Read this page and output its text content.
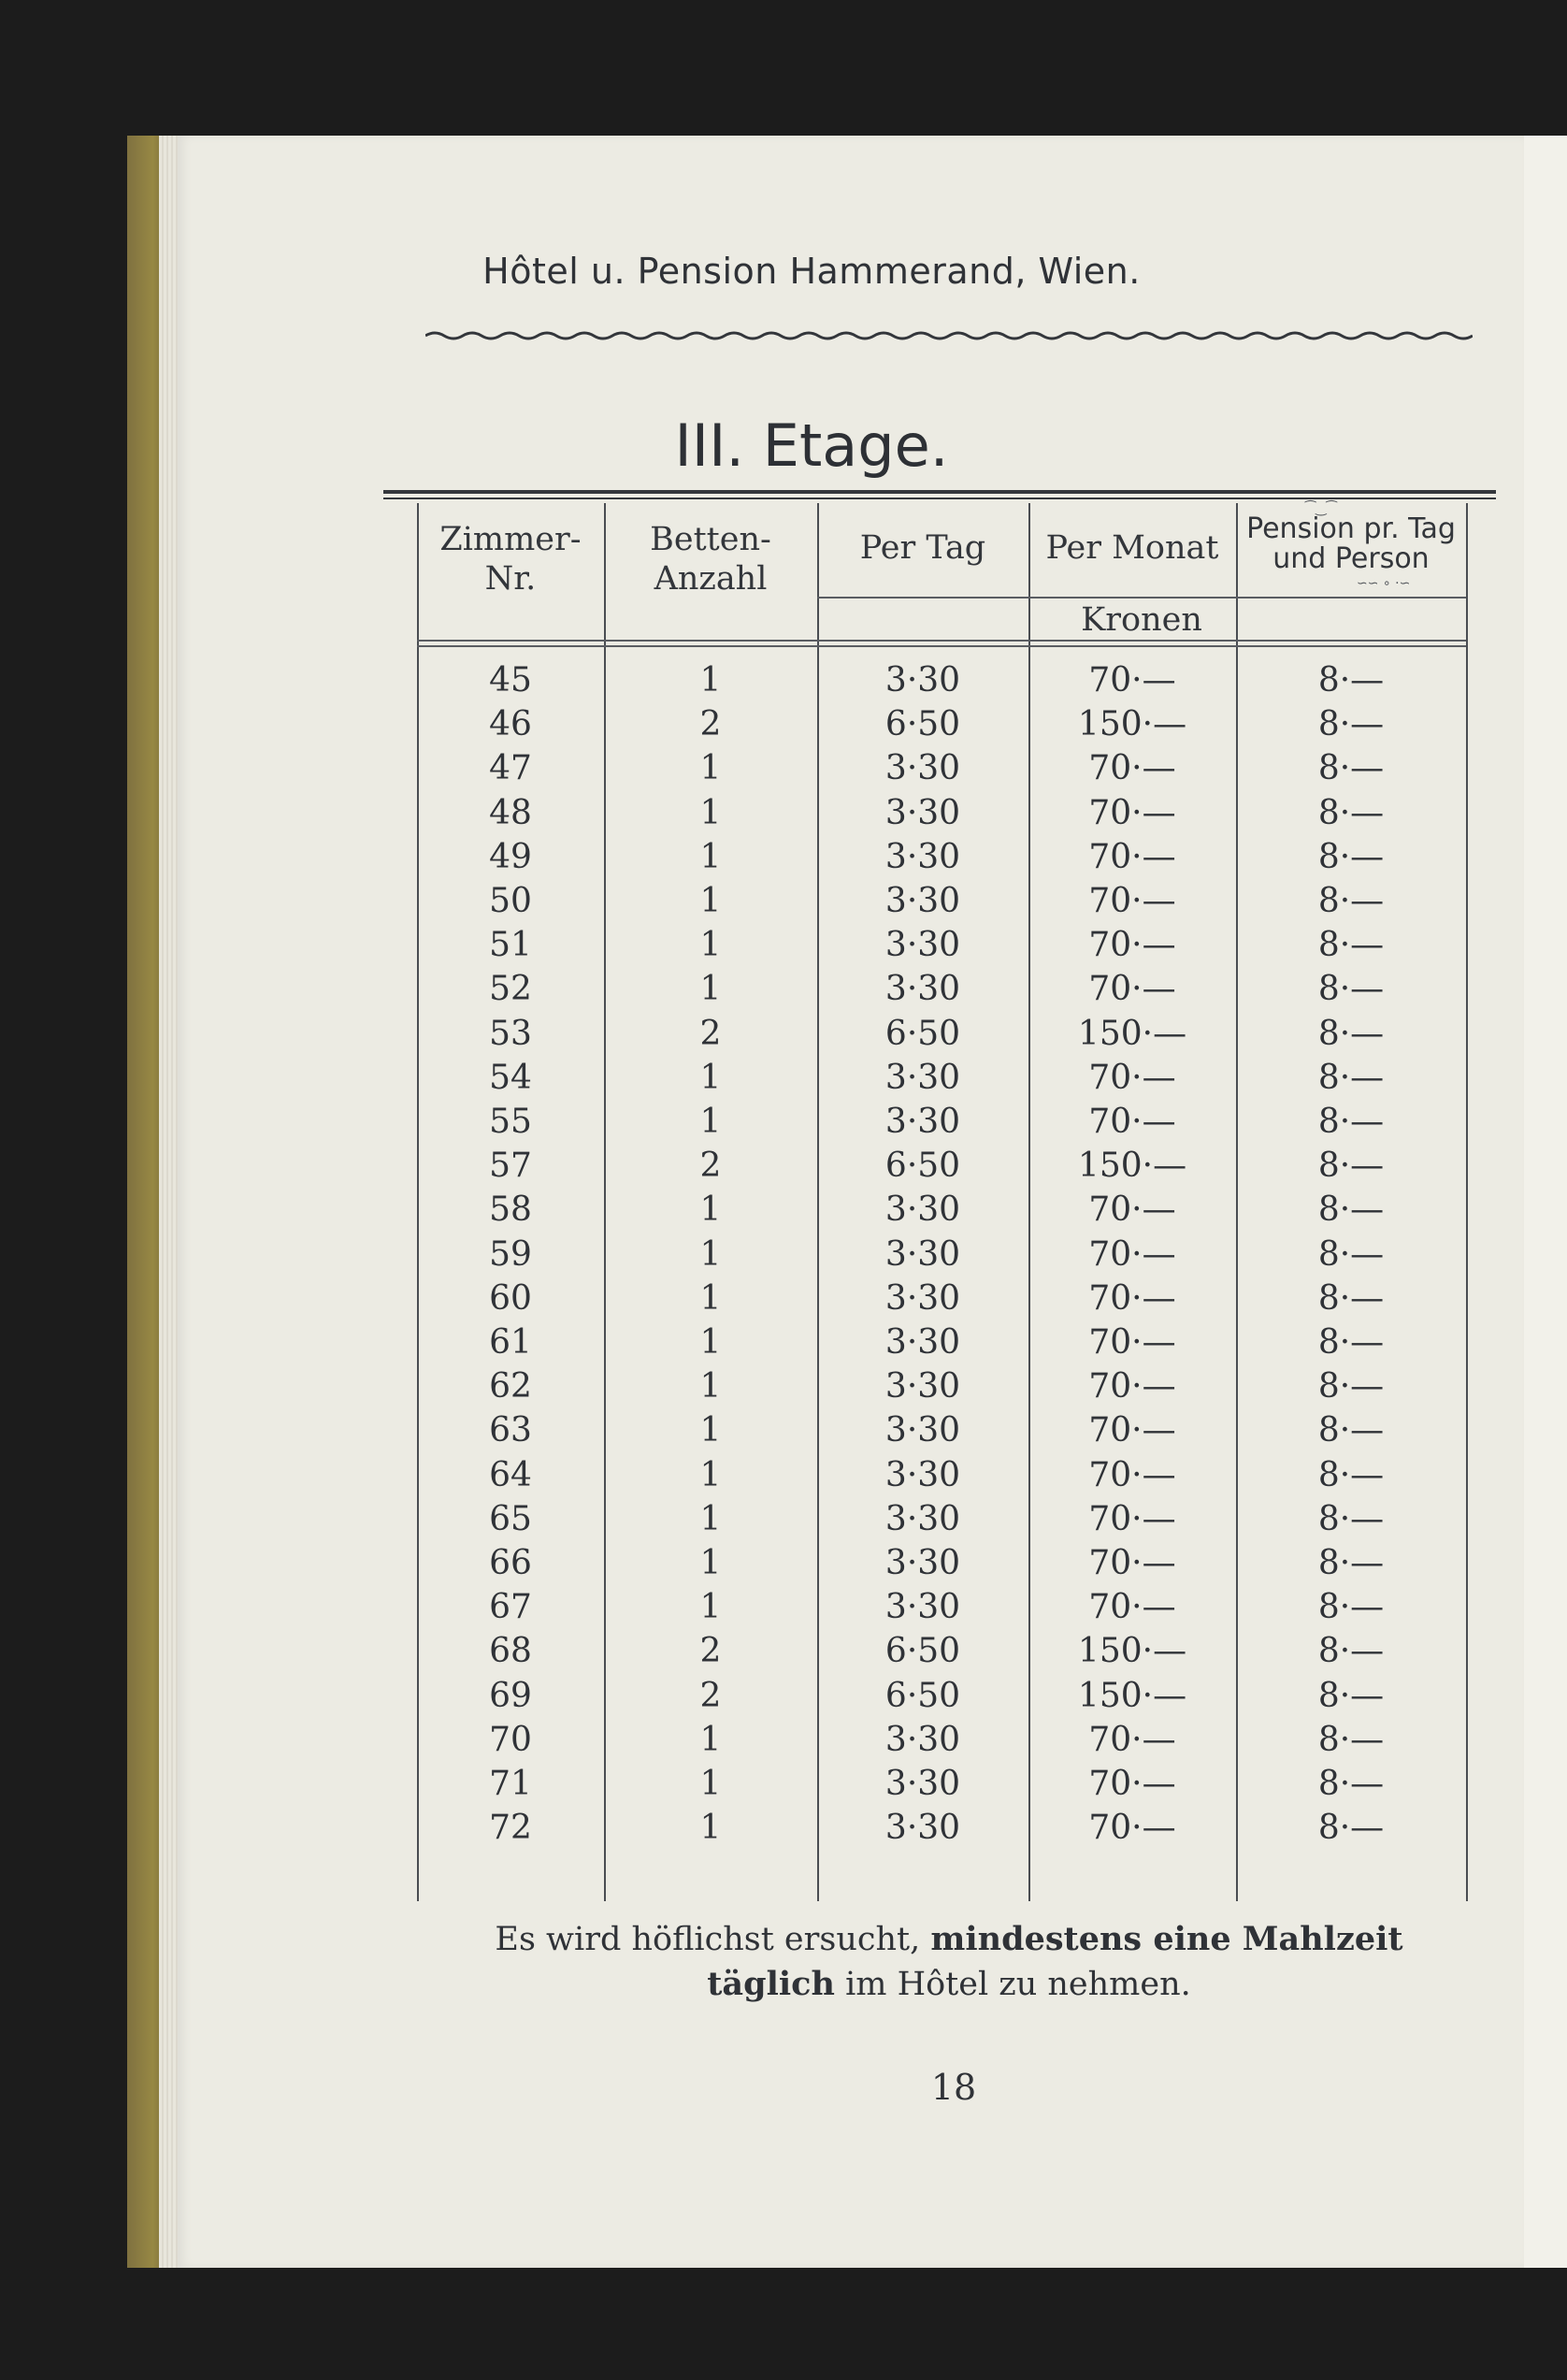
Hôtel u. Pension Hammerand, Wien.
III. Etage.
Zimmer-Nr.
Betten-Anzahl
Per Tag	Per Monat
⁀‿⁀
Pension pr. Tag und Person
∽∽ ∘ ·∽
Kronen
45	1	3·30	70·—	8·—
46	2	6·50	150·—	8·—
47	1	3·30	70·—	8·—
48	1	3·30	70·—	8·—
49	1	3·30	70·—	8·—
50	1	3·30	70·—	8·—
51	1	3·30	70·—	8·—
52	1	3·30	70·—	8·—
53	2	6·50	150·—	8·—
54	1	3·30	70·—	8·—
55	1	3·30	70·—	8·—
57	2	6·50	150·—	8·—
58	1	3·30	70·—	8·—
59	1	3·30	70·—	8·—
60	1	3·30	70·—	8·—
61	1	3·30	70·—	8·—
62	1	3·30	70·—	8·—
63	1	3·30	70·—	8·—
64	1	3·30	70·—	8·—
65	1	3·30	70·—	8·—
66	1	3·30	70·—	8·—
67	1	3·30	70·—	8·—
68	2	6·50	150·—	8·—
69	2	6·50	150·—	8·—
70	1	3·30	70·—	8·—
71	1	3·30	70·—	8·—
72	1	3·30	70·—	8·—
Es wird höflichst ersucht, mindestens eine Mahlzeit
täglich im Hôtel zu nehmen.
18
